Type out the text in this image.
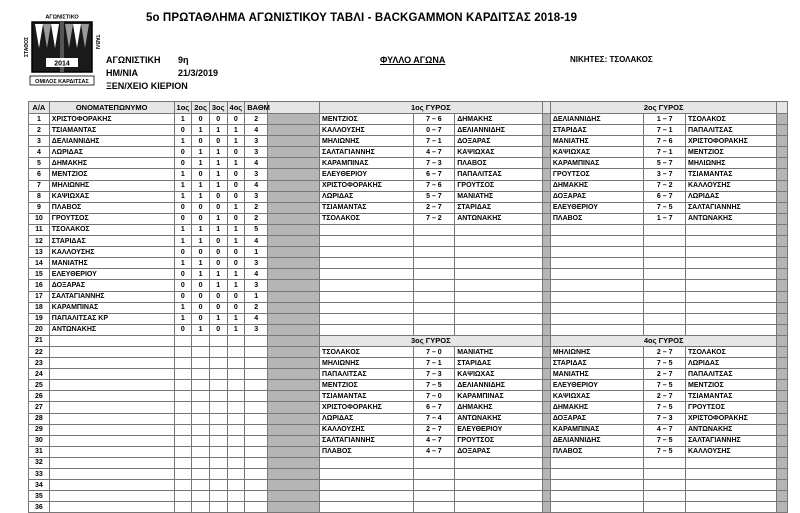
ΑΓΩΝΙΣΤΙΚΟ
ΤΑΒΛΙ
ΣΤΑΘΟΣ
2014
ΟΜΙΛΟΣ ΚΑΡΔΙΤΣΑΣ
5ο ΠΡΩΤΑΘΛΗΜΑ ΑΓΩΝΙΣΤΙΚΟΥ ΤΑΒΛΙ - BACKGAMMON ΚΑΡΔΙΤΣΑΣ 2018-19
ΑΓΩΝΙΣΤΙΚΗ 9η
ΗΜ/ΝΙΑ	21/3/2019
ΞΕΝ/ΧΕΙΟ ΚΙΕΡΙΟΝ
ΦΥΛΛΟ ΑΓΩΝΑ	ΝΙΚΗΤΕΣ: ΤΣΟΛΑΚΟΣ
Α/Α	ΟΝΟΜΑΤΕΠΩΝΥΜΟ	1ος	2ος	3ος	4ος	ΒΑΘΜ		1ος ΓΥΡΟΣ				2ος ΓΥΡΟΣ			
1	ΧΡΙΣΤΟΦΟΡΑΚΗΣ	1	0	0	0	2		ΜΕΝΤΖΙΟΣ	7 – 6	ΔΗΜΑΚΗΣ		ΔΕΛΙΑΝΝΙΔΗΣ	1 – 7	ΤΣΟΛΑΚΟΣ	
2	ΤΣΙΑΜΑΝΤΑΣ	0	1	1	1	4		ΚΑΛΛΟΥΣΗΣ	0 – 7	ΔΕΛΙΑΝΝΙΔΗΣ		ΣΤΑΡΙΔΑΣ	7 – 1	ΠΑΠΑΛΙΤΣΑΣ	
3	ΔΕΛΙΑΝΝΙΔΗΣ	1	0	0	1	3		ΜΗΛΙΩΝΗΣ	7 – 1	ΔΟΞΑΡΑΣ		ΜΑΝΙΑΤΗΣ	7 – 6	ΧΡΙΣΤΟΦΟΡΑΚΗΣ	
4	ΛΩΡΙΔΑΣ	0	1	1	0	3		ΣΑΛΤΑΓΙΑΝΝΗΣ	4 – 7	ΚΑΨΙΩΧΑΣ		ΚΑΨΙΩΧΑΣ	7 – 1	ΜΕΝΤΖΙΟΣ	
5	ΔΗΜΑΚΗΣ	0	1	1	1	4		ΚΑΡΑΜΠΙΝΑΣ	7 – 3	ΠΛΑΒΟΣ		ΚΑΡΑΜΠΙΝΑΣ	5 – 7	ΜΗΛΙΩΝΗΣ	
6	ΜΕΝΤΖΙΟΣ	1	0	1	0	3		ΕΛΕΥΘΕΡΙΟΥ	6 – 7	ΠΑΠΑΛΙΤΣΑΣ		ΓΡΟΥΤΣΟΣ	3 – 7	ΤΣΙΑΜΑΝΤΑΣ	
7	ΜΗΛΙΩΝΗΣ	1	1	1	0	4		ΧΡΙΣΤΟΦΟΡΑΚΗΣ	7 – 6	ΓΡΟΥΤΣΟΣ		ΔΗΜΑΚΗΣ	7 – 2	ΚΑΛΛΟΥΣΗΣ	
8	ΚΑΨΙΩΧΑΣ	1	1	0	0	3		ΛΩΡΙΔΑΣ	5 – 7	ΜΑΝΙΑΤΗΣ		ΔΟΞΑΡΑΣ	6 – 7	ΛΩΡΙΔΑΣ	
9	ΠΛΑΒΟΣ	0	0	0	1	2		ΤΣΙΑΜΑΝΤΑΣ	2 – 7	ΣΤΑΡΙΔΑΣ		ΕΛΕΥΘΕΡΙΟΥ	7 – 5	ΣΑΛΤΑΓΙΑΝΝΗΣ	
10	ΓΡΟΥΤΣΟΣ	0	0	1	0	2		ΤΣΟΛΑΚΟΣ	7 – 2	ΑΝΤΩΝΑΚΗΣ		ΠΛΑΒΟΣ	1 – 7	ΑΝΤΩΝΑΚΗΣ	
11	ΤΣΟΛΑΚΟΣ	1	1	1	1	5									
12	ΣΤΑΡΙΔΑΣ	1	1	0	1	4									
13	ΚΑΛΛΟΥΣΗΣ	0	0	0	0	1									
14	ΜΑΝΙΑΤΗΣ	1	1	0	0	3									
15	ΕΛΕΥΘΕΡΙΟΥ	0	1	1	1	4									
16	ΔΟΞΑΡΑΣ	0	0	1	1	3									
17	ΣΑΛΤΑΓΙΑΝΝΗΣ	0	0	0	0	1									
18	ΚΑΡΑΜΠΙΝΑΣ	1	0	0	0	2									
19	ΠΑΠΑΛΙΤΣΑΣ ΚΡ	1	0	1	1	4									
20	ΑΝΤΩΝΑΚΗΣ	0	1	0	1	3									
21								3ος ΓΥΡΟΣ				4ος ΓΥΡΟΣ			
22								ΤΣΟΛΑΚΟΣ	7 – 0	ΜΑΝΙΑΤΗΣ		ΜΗΛΙΩΝΗΣ	2 – 7	ΤΣΟΛΑΚΟΣ	
23								ΜΗΛΙΩΝΗΣ	7 – 1	ΣΤΑΡΙΔΑΣ		ΣΤΑΡΙΔΑΣ	7 – 5	ΛΩΡΙΔΑΣ	
24								ΠΑΠΑΛΙΤΣΑΣ	7 – 3	ΚΑΨΙΩΧΑΣ		ΜΑΝΙΑΤΗΣ	2 – 7	ΠΑΠΑΛΙΤΣΑΣ	
25								ΜΕΝΤΖΙΟΣ	7 – 5	ΔΕΛΙΑΝΝΙΔΗΣ		ΕΛΕΥΘΕΡΙΟΥ	7 – 5	ΜΕΝΤΖΙΟΣ	
26								ΤΣΙΑΜΑΝΤΑΣ	7 – 0	ΚΑΡΑΜΠΙΝΑΣ		ΚΑΨΙΩΧΑΣ	2 – 7	ΤΣΙΑΜΑΝΤΑΣ	
27								ΧΡΙΣΤΟΦΟΡΑΚΗΣ	6 – 7	ΔΗΜΑΚΗΣ		ΔΗΜΑΚΗΣ	7 – 5	ΓΡΟΥΤΣΟΣ	
28								ΛΩΡΙΔΑΣ	7 – 4	ΑΝΤΩΝΑΚΗΣ		ΔΟΞΑΡΑΣ	7 – 3	ΧΡΙΣΤΟΦΟΡΑΚΗΣ	
29								ΚΑΛΛΟΥΣΗΣ	2 – 7	ΕΛΕΥΘΕΡΙΟΥ		ΚΑΡΑΜΠΙΝΑΣ	4 – 7	ΑΝΤΩΝΑΚΗΣ	
30								ΣΑΛΤΑΓΙΑΝΝΗΣ	4 – 7	ΓΡΟΥΤΣΟΣ		ΔΕΛΙΑΝΝΙΔΗΣ	7 – 5	ΣΑΛΤΑΓΙΑΝΝΗΣ	
31								ΠΛΑΒΟΣ	4 – 7	ΔΟΞΑΡΑΣ		ΠΛΑΒΟΣ	7 – 5	ΚΑΛΛΟΥΣΗΣ	
32															
33															
34															
35															
36															
